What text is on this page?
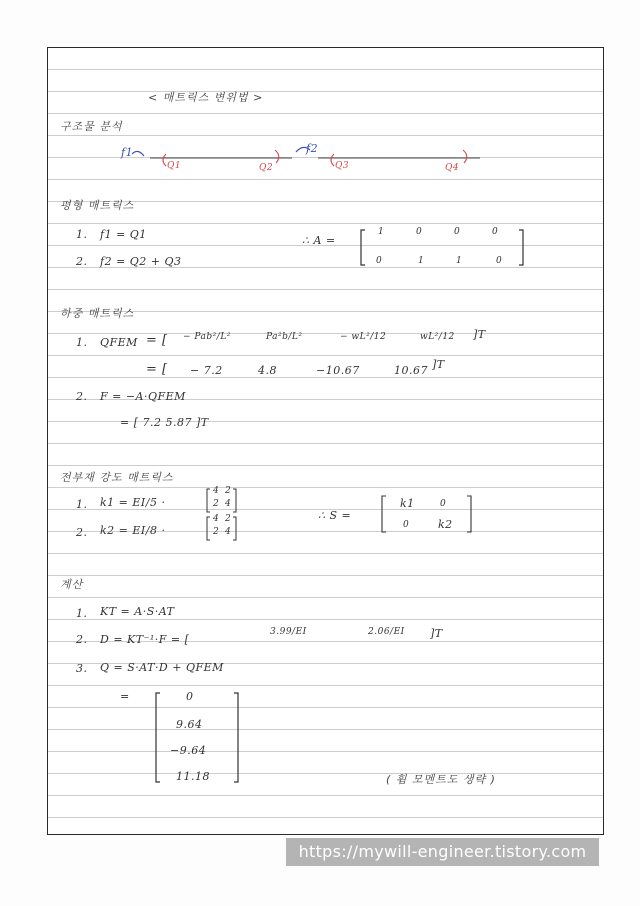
< 매트릭스 변위법 >
구조물 분석
f1	f2
Q1	Q2	Q3	Q4
평형 매트릭스
1. f1 = Q1
2. f2 = Q2 + Q3
∴ A =
1	0	0	0
0	1	1	0
하중 매트릭스
1. QFEM = [ − Pab²/L²	Pa²b/L²	− wL²/12	wL²/12 ]T
= [ − 7.2	4.8	−10.67	10.67 ]T
2. F = −A·QFEM
= [ 7.2 5.87 ]T
전부재 강도 매트릭스
1. k1 = EI/5 ·
4 2
2 4
2. k2 = EI/8 ·
4 2
2 4
∴ S =
k1	0
0	k2
계산
1. KT = A·S·AT
2. D = KT⁻¹·F = [
3.99/EI	2.06/EI ]T
3. Q = S·AT·D + QFEM
=	0
9.64
−9.64
11.18	( 휨 모멘트도 생략 )
https://mywill-engineer.tistory.com
